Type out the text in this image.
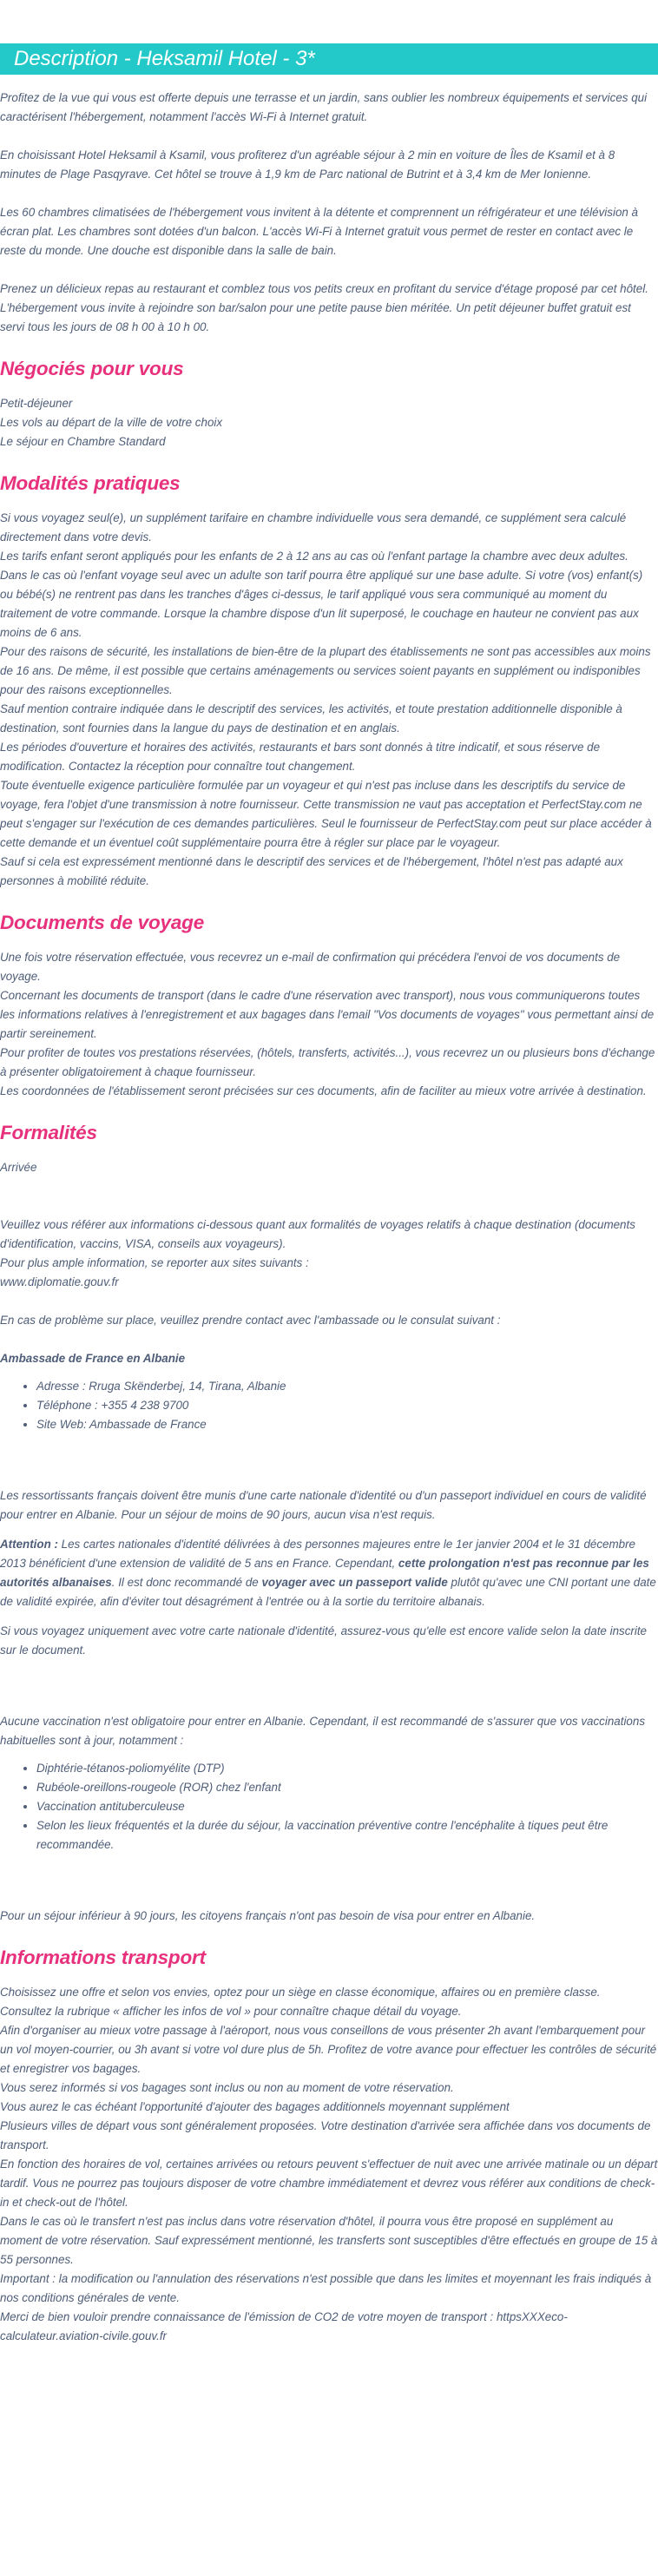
Description - Heksamil Hotel - 3*

Profitez de la vue qui vous est offerte depuis une terrasse et un jardin, sans oublier les nombreux équipements et services qui caractérisent l'hébergement, notamment l'accès Wi-Fi à Internet gratuit.

En choisissant Hotel Heksamil à Ksamil, vous profiterez d'un agréable séjour à 2 min en voiture de Îles de Ksamil et à 8 minutes de Plage Pasqyrave. Cet hôtel se trouve à 1,9 km de Parc national de Butrint et à 3,4 km de Mer Ionienne.

Les 60 chambres climatisées de l'hébergement vous invitent à la détente et comprennent un réfrigérateur et une télévision à écran plat. Les chambres sont dotées d'un balcon. L'accès Wi-Fi à Internet gratuit vous permet de rester en contact avec le reste du monde. Une douche est disponible dans la salle de bain.

Prenez un délicieux repas au restaurant et comblez tous vos petits creux en profitant du service d'étage proposé par cet hôtel. L'hébergement vous invite à rejoindre son bar/salon pour une petite pause bien méritée. Un petit déjeuner buffet gratuit est servi tous les jours de 08 h 00 à 10 h 00.

Négociés pour vous

Petit-déjeuner

Les vols au départ de la ville de votre choix

Le séjour en Chambre Standard

Modalités pratiques

Si vous voyagez seul(e), un supplément tarifaire en chambre individuelle vous sera demandé, ce supplément sera calculé directement dans votre devis.

Les tarifs enfant seront appliqués pour les enfants de 2 à 12 ans au cas où l'enfant partage la chambre avec deux adultes. Dans le cas où l'enfant voyage seul avec un adulte son tarif pourra être appliqué sur une base adulte. Si votre (vos) enfant(s) ou bébé(s) ne rentrent pas dans les tranches d'âges ci-dessus, le tarif appliqué vous sera communiqué au moment du traitement de votre commande. Lorsque la chambre dispose d'un lit superposé, le couchage en hauteur ne convient pas aux moins de 6 ans.

Pour des raisons de sécurité, les installations de bien-être de la plupart des établissements ne sont pas accessibles aux moins de 16 ans. De même, il est possible que certains aménagements ou services soient payants en supplément ou indisponibles pour des raisons exceptionnelles.

Sauf mention contraire indiquée dans le descriptif des services, les activités, et toute prestation additionnelle disponible à destination, sont fournies dans la langue du pays de destination et en anglais.

Les périodes d'ouverture et horaires des activités, restaurants et bars sont donnés à titre indicatif, et sous réserve de modification. Contactez la réception pour connaître tout changement.

Toute éventuelle exigence particulière formulée par un voyageur et qui n'est pas incluse dans les descriptifs du service de voyage, fera l'objet d'une transmission à notre fournisseur. Cette transmission ne vaut pas acceptation et PerfectStay.com ne peut s'engager sur l'exécution de ces demandes particulières. Seul le fournisseur de PerfectStay.com peut sur place accéder à cette demande et un éventuel coût supplémentaire pourra être à régler sur place par le voyageur.

Sauf si cela est expressément mentionné dans le descriptif des services et de l'hébergement, l'hôtel n'est pas adapté aux personnes à mobilité réduite.

Documents de voyage

Une fois votre réservation effectuée, vous recevrez un e-mail de confirmation qui précédera l'envoi de vos documents de voyage.

Concernant les documents de transport (dans le cadre d'une réservation avec transport), nous vous communiquerons toutes les informations relatives à l'enregistrement et aux bagages dans l'email "Vos documents de voyages" vous permettant ainsi de partir sereinement.

Pour profiter de toutes vos prestations réservées, (hôtels, transferts, activités...), vous recevrez un ou plusieurs bons d'échange à présenter obligatoirement à chaque fournisseur.

Les coordonnées de l'établissement seront précisées sur ces documents, afin de faciliter au mieux votre arrivée à destination.

Formalités

Arrivée

Veuillez vous référer aux informations ci-dessous quant aux formalités de voyages relatifs à chaque destination (documents d'identification, vaccins, VISA, conseils aux voyageurs).

Pour plus ample information, se reporter aux sites suivants :

www.diplomatie.gouv.fr

En cas de problème sur place, veuillez prendre contact avec l'ambassade ou le consulat suivant :

Ambassade de France en Albanie

• Adresse : Rruga Skënderbej, 14, Tirana, Albanie
• Téléphone : +355 4 238 9700
• Site Web: Ambassade de France

Les ressortissants français doivent être munis d'une carte nationale d'identité ou d'un passeport individuel en cours de validité pour entrer en Albanie. Pour un séjour de moins de 90 jours, aucun visa n'est requis.

Attention : Les cartes nationales d'identité délivrées à des personnes majeures entre le 1er janvier 2004 et le 31 décembre 2013 bénéficient d'une extension de validité de 5 ans en France. Cependant, cette prolongation n'est pas reconnue par les autorités albanaises. Il est donc recommandé de voyager avec un passeport valide plutôt qu'avec une CNI portant une date de validité expirée, afin d'éviter tout désagrément à l'entrée ou à la sortie du territoire albanais.

Si vous voyagez uniquement avec votre carte nationale d'identité, assurez-vous qu'elle est encore valide selon la date inscrite sur le document.

Aucune vaccination n'est obligatoire pour entrer en Albanie. Cependant, il est recommandé de s'assurer que vos vaccinations habituelles sont à jour, notamment :

• Diphtérie-tétanos-poliomyélite (DTP)
• Rubéole-oreillons-rougeole (ROR) chez l'enfant
• Vaccination antituberculeuse
• Selon les lieux fréquentés et la durée du séjour, la vaccination préventive contre l'encéphalite à tiques peut être recommandée.

Pour un séjour inférieur à 90 jours, les citoyens français n'ont pas besoin de visa pour entrer en Albanie.

Informations transport

Choisissez une offre et selon vos envies, optez pour un siège en classe économique, affaires ou en première classe.

Consultez la rubrique « afficher les infos de vol » pour connaître chaque détail du voyage.

Afin d'organiser au mieux votre passage à l'aéroport, nous vous conseillons de vous présenter 2h avant l'embarquement pour un vol moyen-courrier, ou 3h avant si votre vol dure plus de 5h. Profitez de votre avance pour effectuer les contrôles de sécurité et enregistrer vos bagages.

Vous serez informés si vos bagages sont inclus ou non au moment de votre réservation.

Vous aurez le cas échéant l'opportunité d'ajouter des bagages additionnels moyennant supplément

Plusieurs villes de départ vous sont généralement proposées. Votre destination d'arrivée sera affichée dans vos documents de transport.

En fonction des horaires de vol, certaines arrivées ou retours peuvent s'effectuer de nuit avec une arrivée matinale ou un départ tardif. Vous ne pourrez pas toujours disposer de votre chambre immédiatement et devrez vous référer aux conditions de check-in et check-out de l'hôtel.

Dans le cas où le transfert n'est pas inclus dans votre réservation d'hôtel, il pourra vous être proposé en supplément au moment de votre réservation. Sauf expressément mentionné, les transferts sont susceptibles d'être effectués en groupe de 15 à 55 personnes.

Important : la modification ou l'annulation des réservations n'est possible que dans les limites et moyennant les frais indiqués à nos conditions générales de vente.

Merci de bien vouloir prendre connaissance de l'émission de CO2 de votre moyen de transport : httpsXXXeco-calculateur.aviation-civile.gouv.fr
